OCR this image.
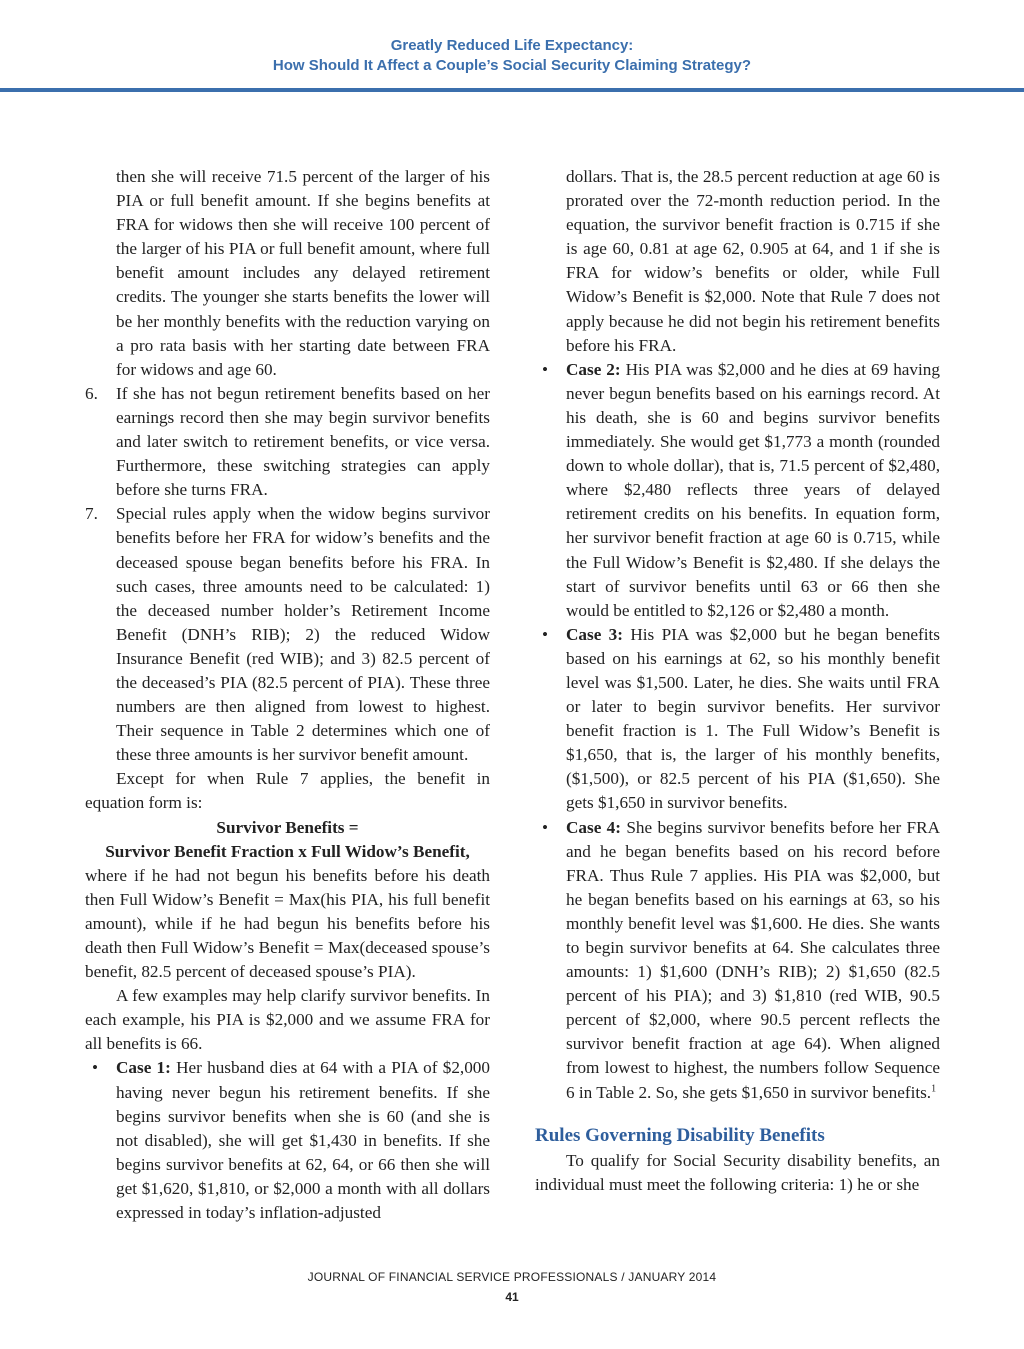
Greatly Reduced Life Expectancy:
How Should It Affect a Couple’s Social Security Claiming Strategy?

then she will receive 71.5 percent of the larger of his PIA or full benefit amount. If she begins benefits at FRA for widows then she will receive 100 percent of the larger of his PIA or full benefit amount, where full benefit amount includes any delayed retirement credits. The younger she starts benefits the lower will be her monthly benefits with the reduction varying on a pro rata basis with her starting date between FRA for widows and age 60.

6. If she has not begun retirement benefits based on her earnings record then she may begin survivor benefits and later switch to retirement benefits, or vice versa. Furthermore, these switching strategies can apply before she turns FRA.
7. Special rules apply when the widow begins survivor benefits before her FRA for widow’s benefits and the deceased spouse began benefits before his FRA. In such cases, three amounts need to be calculated: 1) the deceased number holder’s Retirement Income Benefit (DNH’s RIB); 2) the reduced Widow Insurance Benefit (red WIB); and 3) 82.5 percent of the deceased’s PIA (82.5 percent of PIA). These three numbers are then aligned from lowest to highest. Their sequence in Table 2 determines which one of these three amounts is her survivor benefit amount.

Except for when Rule 7 applies, the benefit in equation form is:

Survivor Benefits =

Survivor Benefit Fraction x Full Widow’s Benefit,

where if he had not begun his benefits before his death then Full Widow’s Benefit = Max(his PIA, his full benefit amount), while if he had begun his benefits before his death then Full Widow’s Benefit = Max(deceased spouse’s benefit, 82.5 percent of deceased spouse’s PIA).

A few examples may help clarify survivor benefits. In each example, his PIA is $2,000 and we assume FRA for all benefits is 66.

• Case 1: Her husband dies at 64 with a PIA of $2,000 having never begun his retirement benefits. If she begins survivor benefits when she is 60 (and she is not disabled), she will get $1,430 in benefits. If she begins survivor benefits at 62, 64, or 66 then she will get $1,620, $1,810, or $2,000 a month with all dollars expressed in today’s inflation-adjusted

dollars. That is, the 28.5 percent reduction at age 60 is prorated over the 72-month reduction period. In the equation, the survivor benefit fraction is 0.715 if she is age 60, 0.81 at age 62, 0.905 at 64, and 1 if she is FRA for widow’s benefits or older, while Full Widow’s Benefit is $2,000. Note that Rule 7 does not apply because he did not begin his retirement benefits before his FRA.

• Case 2: His PIA was $2,000 and he dies at 69 having never begun benefits based on his earnings record. At his death, she is 60 and begins survivor benefits immediately. She would get $1,773 a month (rounded down to whole dollar), that is, 71.5 percent of $2,480, where $2,480 reflects three years of delayed retirement credits on his benefits. In equation form, her survivor benefit fraction at age 60 is 0.715, while the Full Widow’s Benefit is $2,480. If she delays the start of survivor benefits until 63 or 66 then she would be entitled to $2,126 or $2,480 a month.
• Case 3: His PIA was $2,000 but he began benefits based on his earnings at 62, so his monthly benefit level was $1,500. Later, he dies. She waits until FRA or later to begin survivor benefits. Her survivor benefit fraction is 1. The Full Widow’s Benefit is $1,650, that is, the larger of his monthly benefits, ($1,500), or 82.5 percent of his PIA ($1,650). She gets $1,650 in survivor benefits.
• Case 4: She begins survivor benefits before her FRA and he began benefits based on his record before FRA. Thus Rule 7 applies. His PIA was $2,000, but he began benefits based on his earnings at 63, so his monthly benefit level was $1,600. He dies. She wants to begin survivor benefits at 64. She calculates three amounts: 1) $1,600 (DNH’s RIB); 2) $1,650 (82.5 percent of his PIA); and 3) $1,810 (red WIB, 90.5 percent of $2,000, where 90.5 percent reflects the survivor benefit fraction at age 64). When aligned from lowest to highest, the numbers follow Sequence 6 in Table 2. So, she gets $1,650 in survivor benefits.$^1$
Rules Governing Disability Benefits

To qualify for Social Security disability benefits, an individual must meet the following criteria: 1) he or she

JOURNAL OF FINANCIAL SERVICE PROFESSIONALS / JANUARY 2014
41
